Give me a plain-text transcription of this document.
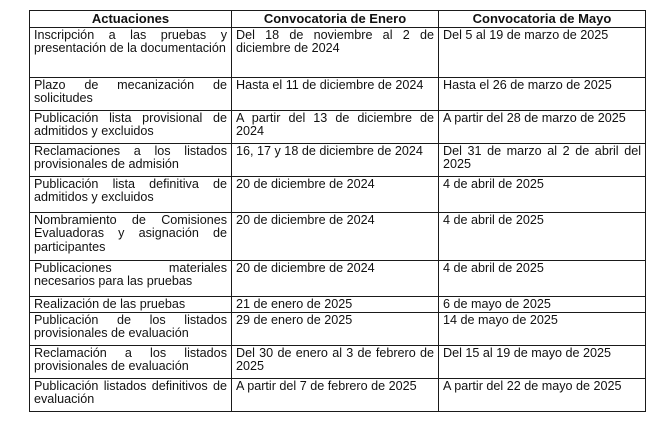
Actuaciones	Convocatoria de Enero	Convocatoria de Mayo
Inscripción a las pruebas y presentación de la documentación	Del 18 de noviembre al 2 de diciembre de 2024	Del 5 al 19 de marzo de 2025
Plazo de mecanización de solicitudes	Hasta el 11 de diciembre de 2024	Hasta el 26 de marzo de 2025
Publicación lista provisional de admitidos y excluidos	A partir del 13 de diciembre de 2024	A partir del 28 de marzo de 2025
Reclamaciones a los listados provisionales de admisión	16, 17 y 18 de diciembre de 2024	Del 31 de marzo al 2 de abril del 2025
Publicación lista definitiva de admitidos y excluidos	20 de diciembre de 2024	4 de abril de 2025
Nombramiento de Comisiones Evaluadoras y asignación de participantes	20 de diciembre de 2024	4 de abril de 2025
Publicaciones materiales necesarios para las pruebas	20 de diciembre de 2024	4 de abril de 2025
Realización de las pruebas	21 de enero de 2025	6 de mayo de 2025
Publicación de los listados provisionales de evaluación	29 de enero de 2025	14 de mayo de 2025
Reclamación a los listados provisionales de evaluación	Del 30 de enero al 3 de febrero de 2025	Del 15 al 19 de mayo de 2025
Publicación listados definitivos de evaluación	A partir del 7 de febrero de 2025	A partir del 22 de mayo de 2025
